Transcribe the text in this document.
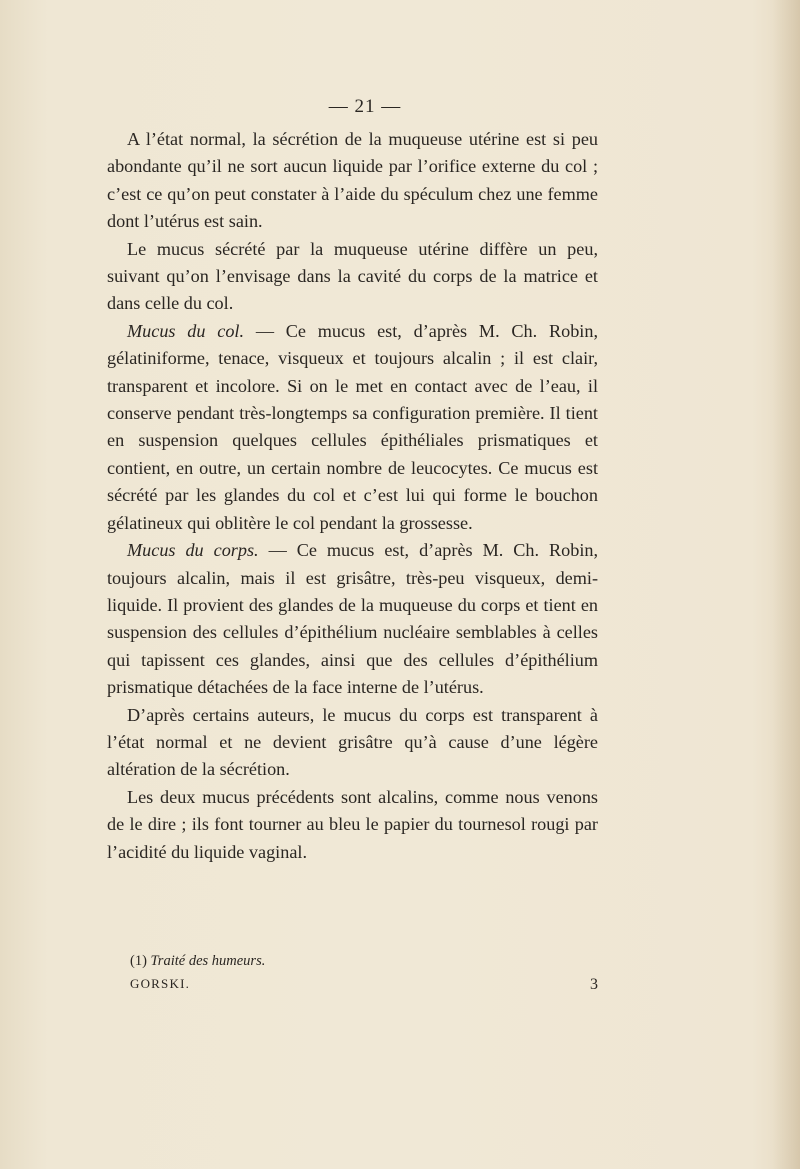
— 21 —

A l’état normal, la sécrétion de la muqueuse utérine est si peu abondante qu’il ne sort aucun liquide par l’orifice externe du col ; c’est ce qu’on peut constater à l’aide du spéculum chez une femme dont l’utérus est sain.

Le mucus sécrété par la muqueuse utérine diffère un peu, suivant qu’on l’envisage dans la cavité du corps de la matrice et dans celle du col.

Mucus du col. — Ce mucus est, d’après M. Ch. Robin, gélatiniforme, tenace, visqueux et toujours alcalin ; il est clair, transparent et incolore. Si on le met en contact avec de l’eau, il conserve pendant très-longtemps sa configuration première. Il tient en suspension quelques cellules épithéliales prismatiques et contient, en outre, un certain nombre de leucocytes. Ce mucus est sécrété par les glandes du col et c’est lui qui forme le bouchon gélatineux qui oblitère le col pendant la grossesse.

Mucus du corps. — Ce mucus est, d’après M. Ch. Robin, toujours alcalin, mais il est grisâtre, très-peu visqueux, demi-liquide. Il provient des glandes de la muqueuse du corps et tient en suspension des cellules d’épithélium nucléaire semblables à celles qui tapissent ces glandes, ainsi que des cellules d’épithélium prismatique détachées de la face interne de l’utérus.

D’après certains auteurs, le mucus du corps est transparent à l’état normal et ne devient grisâtre qu’à cause d’une légère altération de la sécrétion.

Les deux mucus précédents sont alcalins, comme nous venons de le dire ; ils font tourner au bleu le papier du tournesol rougi par l’acidité du liquide vaginal.

(1) Traité des humeurs.
GORSKI.	3
